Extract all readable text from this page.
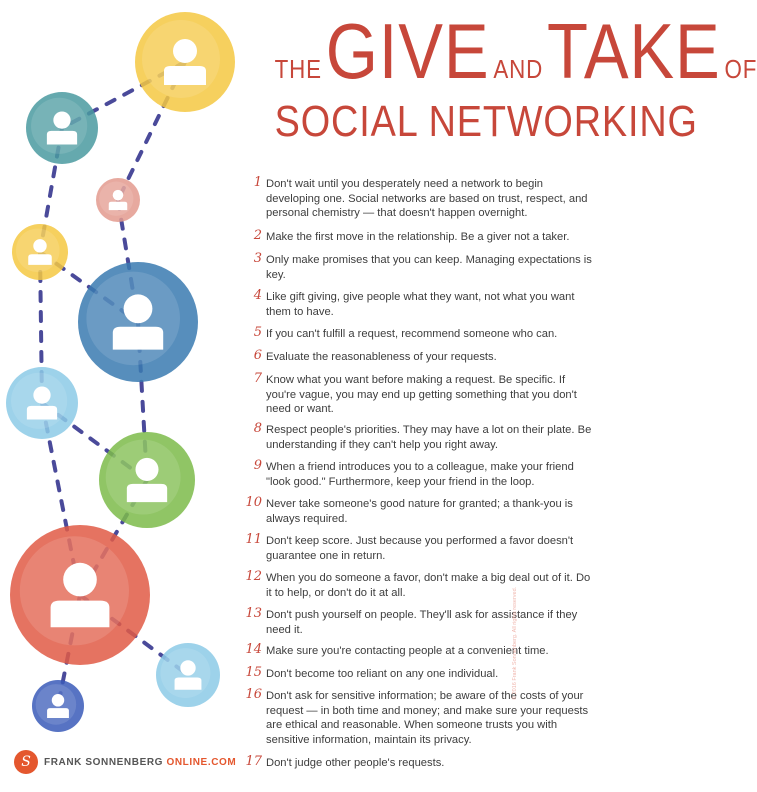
THE GIVE AND TAKE OF
SOCIAL NETWORKING
1 Don't wait until you desperately need a network to begin developing one. Social networks are based on trust, respect, and personal chemistry — that doesn't happen overnight.
2 Make the first move in the relationship. Be a giver not a taker.
3 Only make promises that you can keep. Managing expectations is key.
4 Like gift giving, give people what they want, not what you want them to have.
5 If you can't fulfill a request, recommend someone who can.
6 Evaluate the reasonableness of your requests.
7 Know what you want before making a request. Be specific. If you're vague, you may end up getting something that you don't need or want.
8 Respect people's priorities. They may have a lot on their plate. Be understanding if they can't help you right away.
9 When a friend introduces you to a colleague, make your friend "look good." Furthermore, keep your friend in the loop.
10 Never take someone's good nature for granted; a thank-you is always required.
11 Don't keep score. Just because you performed a favor doesn't guarantee one in return.
12 When you do someone a favor, don't make a big deal out of it. Do it to help, or don't do it at all.
13 Don't push yourself on people. They'll ask for assistance if they need it.
14 Make sure you're contacting people at a convenient time.
15 Don't become too reliant on any one individual.
16 Don't ask for sensitive information; be aware of the costs of your request — in both time and money; and make sure your requests are ethical and reasonable. When someone trusts you with sensitive information, maintain its privacy.
17 Don't judge other people's requests.
S	FRANK SONNENBERG ONLINE.COM
© 2016 Frank Sonnenberg. All rights reserved.
